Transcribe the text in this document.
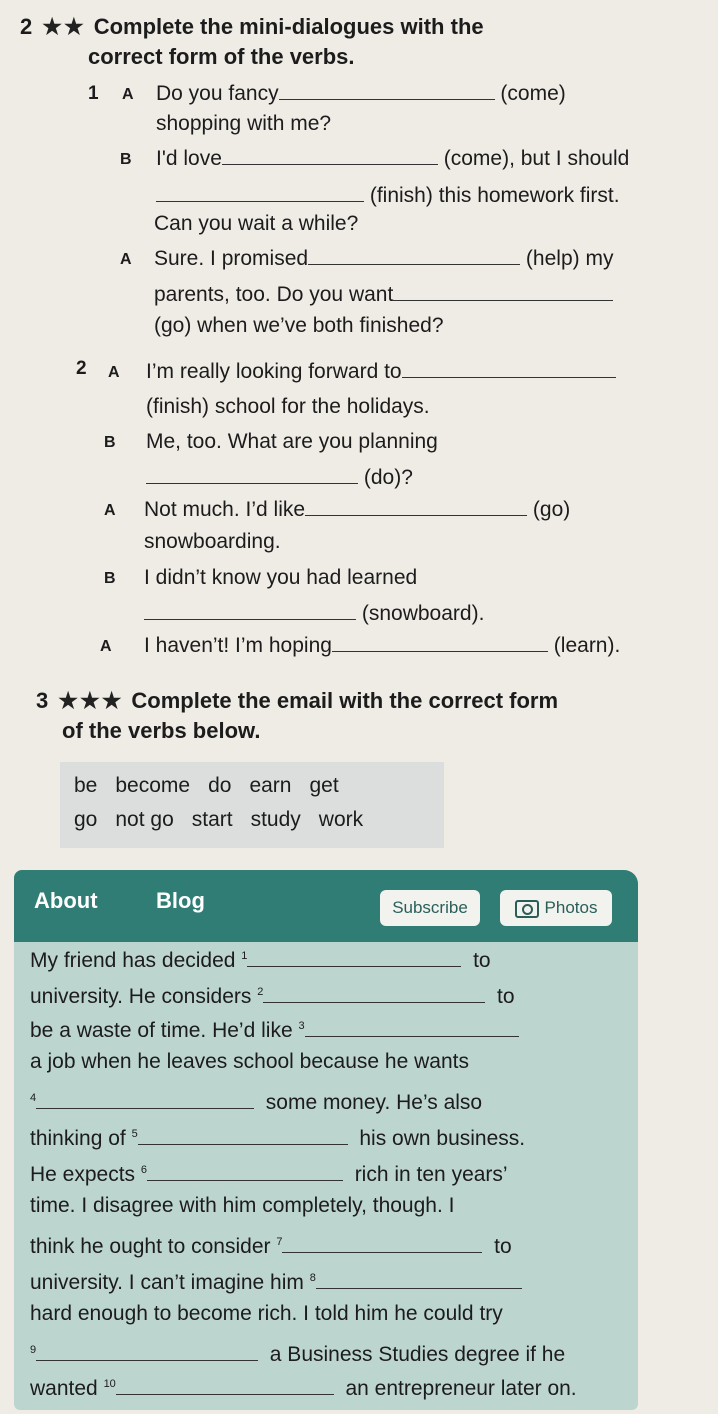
2 ★★ Complete the mini-dialogues with the
correct form of the verbs.
1 A Do you fancy	(come)
shopping with me?
B I'd love	(come), but I should
(finish) this homework first.
Can you wait a while?
A Sure. I promised	(help) my
parents, too. Do you want
(go) when we’ve both finished?
2 A I’m really looking forward to
(finish) school for the holidays.
B Me, too. What are you planning
(do)?
A Not much. I’d like	(go)
snowboarding.
B I didn’t know you had learned
(snowboard).
A I haven’t! I’m hoping	(learn).
3 ★★★ Complete the email with the correct form
of the verbs below.
be become do earn get
go not go start study work
About	Blog	Subscribe	Photos
My friend has decided $^1$	to
university. He considers $^2$	to
be a waste of time. He’d like $^3$
a job when he leaves school because he wants
$^4$	some money. He’s also
thinking of $^5$	his own business.
He expects $^6$	rich in ten years’
time. I disagree with him completely, though. I
think he ought to consider $^7$	to
university. I can’t imagine him $^8$
hard enough to become rich. I told him he could try
$^9$	a Business Studies degree if he
wanted $^{10}$	an entrepreneur later on.
